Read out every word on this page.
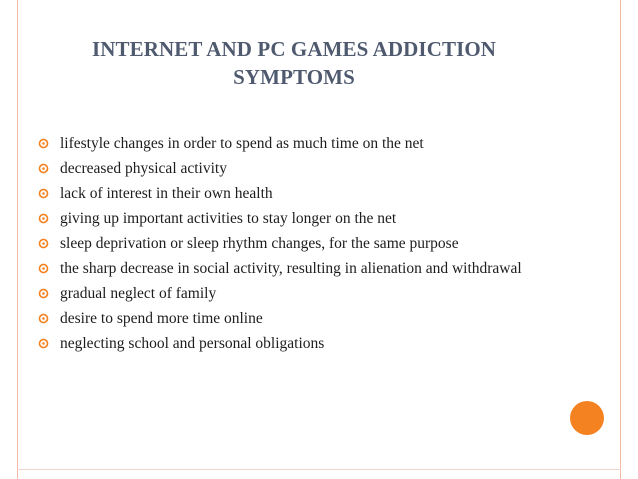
INTERNET AND PC GAMES ADDICTION
SYMPTOMS
lifestyle changes in order to spend as much time on the net
decreased physical activity
lack of interest in their own health
giving up important activities to stay longer on the net
sleep deprivation or sleep rhythm changes, for the same purpose
the sharp decrease in social activity, resulting in alienation and withdrawal
gradual neglect of family
desire to spend more time online
neglecting school and personal obligations
